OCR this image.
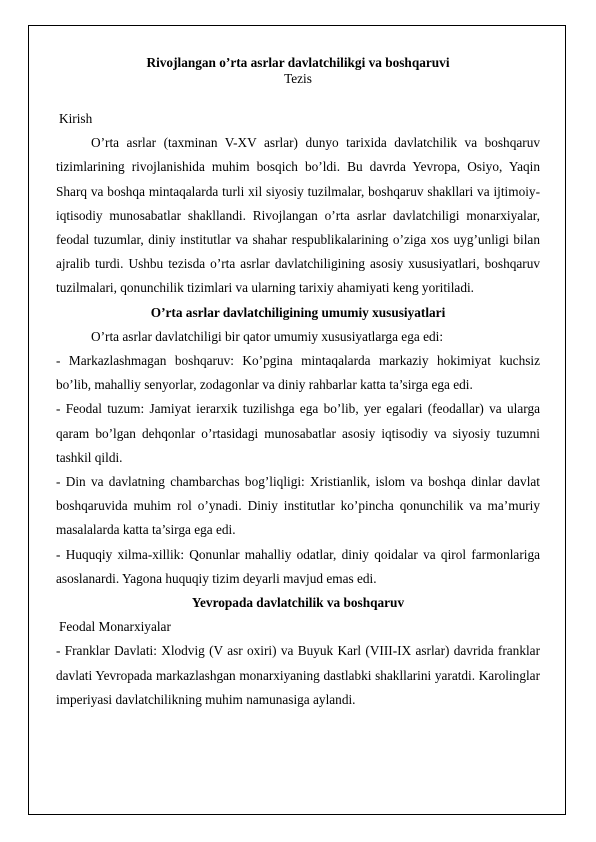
Rivojlangan o’rta asrlar davlatchilikgi va boshqaruvi

Tezis

Kirish

O’rta asrlar (taxminan V-XV asrlar) dunyo tarixida davlatchilik va boshqaruv tizimlarining rivojlanishida muhim bosqich bo’ldi. Bu davrda Yevropa, Osiyo, Yaqin Sharq va boshqa mintaqalarda turli xil siyosiy tuzilmalar, boshqaruv shakllari va ijtimoiy-iqtisodiy munosabatlar shakllandi. Rivojlangan o’rta asrlar davlatchiligi monarxiyalar, feodal tuzumlar, diniy institutlar va shahar respublikalarining o’ziga xos uyg’unligi bilan ajralib turdi. Ushbu tezisda o’rta asrlar davlatchiligining asosiy xususiyatlari, boshqaruv tuzilmalari, qonunchilik tizimlari va ularning tarixiy ahamiyati keng yoritiladi.

O’rta asrlar davlatchiligining umumiy xususiyatlari

O’rta asrlar davlatchiligi bir qator umumiy xususiyatlarga ega edi:

- Markazlashmagan boshqaruv: Ko’pgina mintaqalarda markaziy hokimiyat kuchsiz bo’lib, mahalliy senyorlar, zodagonlar va diniy rahbarlar katta ta’sirga ega edi.

- Feodal tuzum: Jamiyat ierarxik tuzilishga ega bo’lib, yer egalari (feodallar) va ularga qaram bo’lgan dehqonlar o’rtasidagi munosabatlar asosiy iqtisodiy va siyosiy tuzumni tashkil qildi.

- Din va davlatning chambarchas bog’liqligi: Xristianlik, islom va boshqa dinlar davlat boshqaruvida muhim rol o’ynadi. Diniy institutlar ko’pincha qonunchilik va ma’muriy masalalarda katta ta’sirga ega edi.

- Huquqiy xilma-xillik: Qonunlar mahalliy odatlar, diniy qoidalar va qirol farmonlariga asoslanardi. Yagona huquqiy tizim deyarli mavjud emas edi.

Yevropada davlatchilik va boshqaruv

Feodal Monarxiyalar

- Franklar Davlati: Xlodvig (V asr oxiri) va Buyuk Karl (VIII-IX asrlar) davrida franklar davlati Yevropada markazlashgan monarxiyaning dastlabki shakllarini yaratdi. Karolinglar imperiyasi davlatchilikning muhim namunasiga aylandi.
